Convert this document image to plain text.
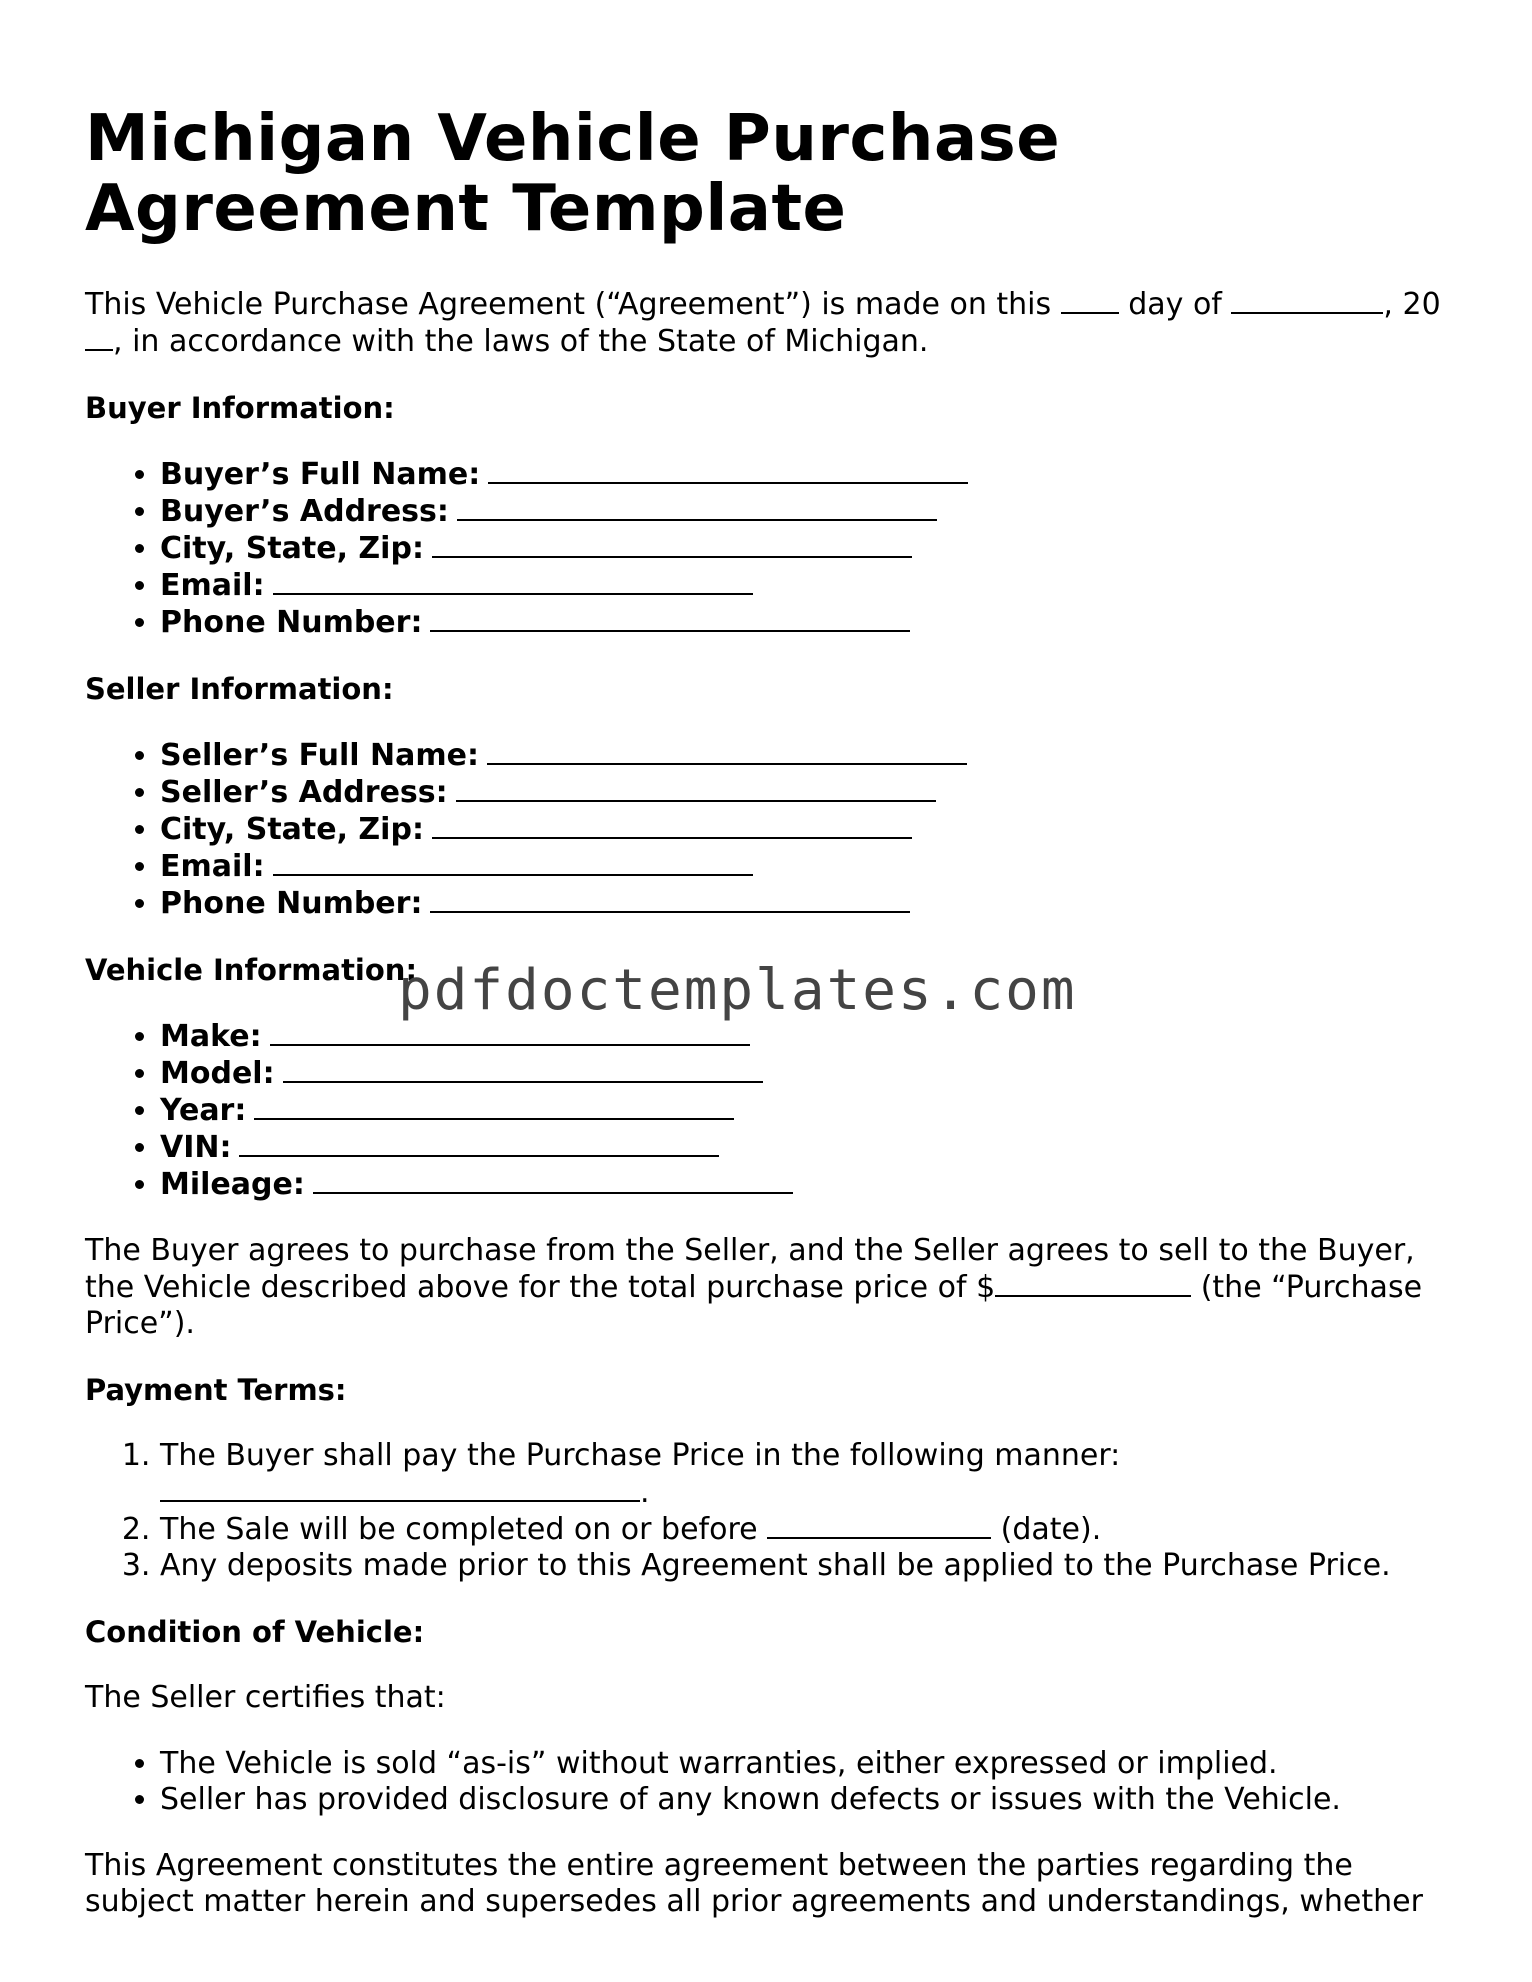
Michigan Vehicle Purchase Agreement Template

This Vehicle Purchase Agreement (“Agreement”) is made on this	day of	, 20, in accordance with the laws of the State of Michigan.

Buyer Information:
• Buyer’s Full Name:
• Buyer’s Address:
• City, State, Zip:
• Email:
• Phone Number:
Seller Information:
• Seller’s Full Name:
• Seller’s Address:
• City, State, Zip:
• Email:
• Phone Number:
Vehicle Information:
• Make:
• Model:
• Year:
• VIN:
• Mileage:

The Buyer agrees to purchase from the Seller, and the Seller agrees to sell to the Buyer, the Vehicle described above for the total purchase price of $	(the “Purchase Price”).

Payment Terms:
1. The Buyer shall pay the Purchase Price in the following manner:
.
2. The Sale will be completed on or before	(date).
3. Any deposits made prior to this Agreement shall be applied to the Purchase Price.
Condition of Vehicle:

The Seller certifies that:

• The Vehicle is sold “as-is” without warranties, either expressed or implied.
• Seller has provided disclosure of any known defects or issues with the Vehicle.

This Agreement constitutes the entire agreement between the parties regarding the subject matter herein and supersedes all prior agreements and understandings, whether

pdfdoctemplates.com
